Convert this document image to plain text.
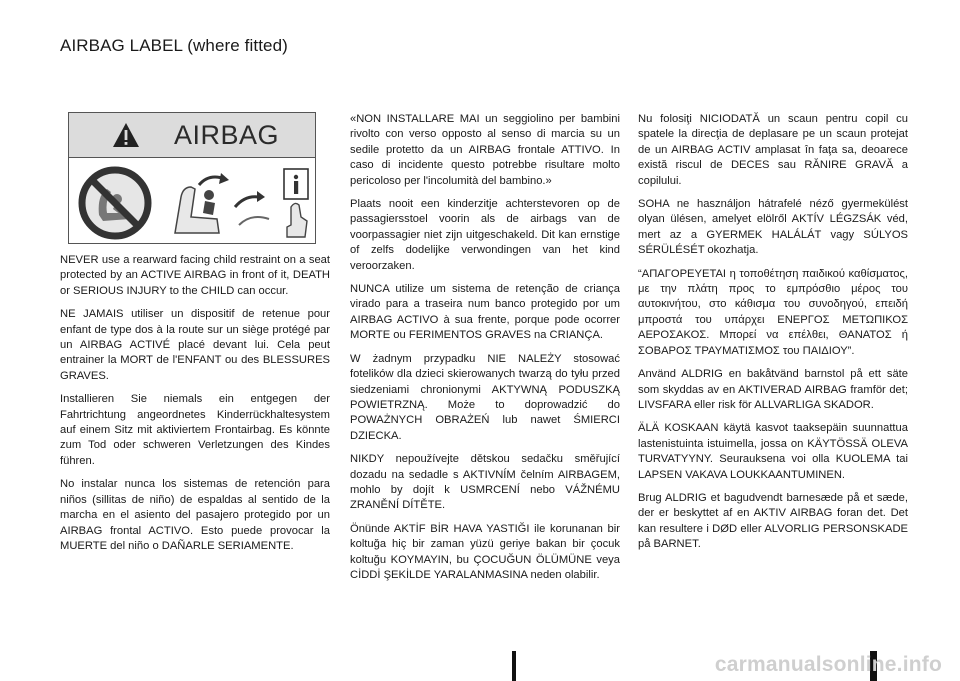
AIRBAG LABEL (where fitted)
AIRBAG

NEVER use a rearward facing child restraint on a seat protected by an ACTIVE AIRBAG in front of it, DEATH or SERIOUS INJURY to the CHILD can occur.

NE JAMAIS utiliser un dispositif de retenue pour enfant de type dos à la route sur un siège protégé par un AIRBAG ACTIVÉ placé devant lui. Cela peut entrainer la MORT de l'ENFANT ou des BLESSURES GRAVES.

Installieren Sie niemals ein entgegen der Fahrtrichtung angeordnetes Kinderrückhaltesystem auf einem Sitz mit aktiviertem Frontairbag. Es könnte zum Tod oder schweren Verletzungen des Kindes führen.

No instalar nunca los sistemas de retención para niños (sillitas de niño) de espaldas al sentido de la marcha en el asiento del pasajero protegido por un AIRBAG frontal ACTIVO. Esto puede provocar la MUERTE del niño o DAÑARLE SERIAMENTE.

«NON INSTALLARE MAI un seggiolino per bambini rivolto con verso opposto al senso di marcia su un sedile protetto da un AIRBAG frontale ATTIVO. In caso di incidente questo potrebbe risultare molto pericoloso per l'incolumità del bambino.»

Plaats nooit een kinderzitje achterstevoren op de passagiersstoel voorin als de airbags van de voorpassagier niet zijn uitgeschakeld. Dit kan ernstige of zelfs dodelijke verwondingen van het kind veroorzaken.

NUNCA utilize um sistema de retenção de criança virado para a traseira num banco protegido por um AIRBAG ACTIVO à sua frente, porque pode ocorrer MORTE ou FERIMENTOS GRAVES na CRIANÇA.

W żadnym przypadku NIE NALEŻY stosować fotelików dla dzieci skierowanych twarzą do tyłu przed siedzeniami chronionymi AKTYWNĄ PODUSZKĄ POWIETRZNĄ. Może to doprowadzić do POWAŻNYCH OBRAŻEŃ lub nawet ŚMIERCI DZIECKA.

NIKDY nepoužívejte dětskou sedačku směřující dozadu na sedadle s AKTIVNÍM čelním AIRBAGEM, mohlo by dojít k USMRCENÍ nebo VÁŽNÉMU ZRANĚNÍ DÍTĚTE.

Önünde AKTİF BİR HAVA YASTIĞI ile korunanan bir koltuğa hiç bir zaman yüzü geriye bakan bir çocuk koltuğu KOYMAYIN, bu ÇOCUĞUN ÖLÜMÜNE veya CİDDİ ŞEKİLDE YARALANMASINA neden olabilir.

Nu folosiţi NICIODATĂ un scaun pentru copil cu spatele la direcţia de deplasare pe un scaun protejat de un AIRBAG ACTIV amplasat în faţa sa, deoarece există riscul de DECES sau RĂNIRE GRAVĂ a copilului.

SOHA ne használjon hátrafelé néző gyermekülést olyan ülésen, amelyet elölről AKTÍV LÉGZSÁK véd, mert az a GYERMEK HALÁLÁT vagy SÚLYOS SÉRÜLÉSÉT okozhatja.

“ΑΠΑΓΟΡΕΥΕΤΑΙ η τοποθέτηση παιδικού καθίσματος, με την πλάτη προς το εμπρόσθιο μέρος του αυτοκινήτου, στο κάθισμα του συνοδηγού, επειδή μπροστά του υπάρχει ΕΝΕΡΓΟΣ ΜΕΤΩΠΙΚΟΣ ΑΕΡΟΣΑΚΟΣ. Μπορεί να επέλθει, ΘΑΝΑΤΟΣ ή ΣΟΒΑΡΟΣ ΤΡΑΥΜΑΤΙΣΜΟΣ του ΠΑΙΔΙΟΥ”.

Använd ALDRIG en bakåtvänd barnstol på ett säte som skyddas av en AKTIVERAD AIRBAG framför det; LIVSFARA eller risk för ALLVARLIGA SKADOR.

ÄLÄ KOSKAAN käytä kasvot taaksepäin suunnattua lastenistuinta istuimella, jossa on KÄYTÖSSÄ OLEVA TURVATYYNY. Seurauksena voi olla KUOLEMA tai LAPSEN VAKAVA LOUKKAANTUMINEN.

Brug ALDRIG et bagudvendt barnesæde på et sæde, der er beskyttet af en AKTIV AIRBAG foran det. Det kan resultere i DØD eller ALVORLIG PERSONSKADE på BARNET.

carmanualsonline.info
